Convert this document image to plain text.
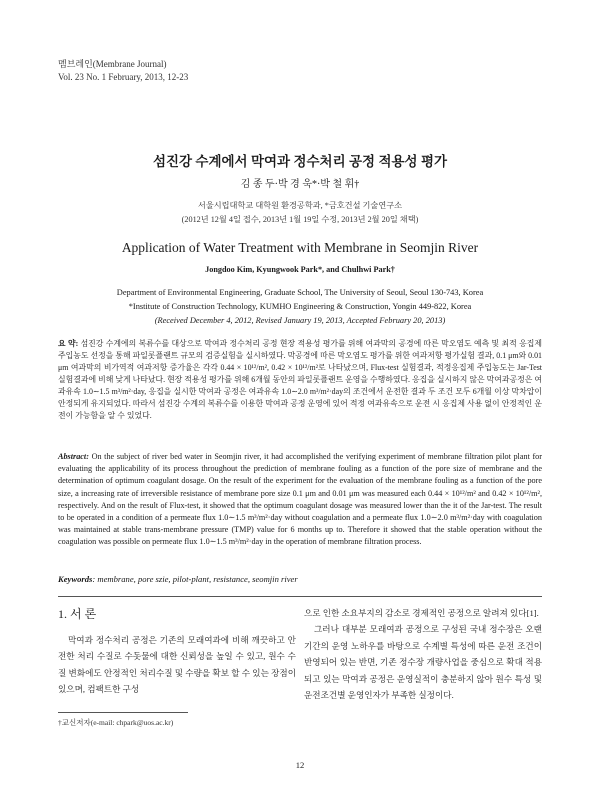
멤브레인(Membrane Journal)
Vol. 23 No. 1 February, 2013, 12-23
섬진강 수계에서 막여과 정수처리 공정 적용성 평가
김 종 두·박 경 욱*·박 철 휘†
서울시립대학교 대학원 환경공학과, *금호건설 기술연구소
(2012년 12월 4일 접수, 2013년 1월 19일 수정, 2013년 2월 20일 채택)
Application of Water Treatment with Membrane in Seomjin River
Jongdoo Kim, Kyungwook Park*, and Chulhwi Park†
Department of Environmental Engineering, Graduate School, The University of Seoul, Seoul 130-743, Korea
*Institute of Construction Technology, KUMHO Engineering & Construction, Yongin 449-822, Korea
(Received December 4, 2012, Revised January 19, 2013, Accepted February 20, 2013)
요 약: 섬진강 수계에의 복류수를 대상으로 막여과 정수처리 공정 현장 적용성 평가를 위해 여과막의 공경에 따른 막오염도 예측 및 최적 응집제 주입농도 선정을 통해 파일롯플랜트 규모의 검증실험을 실시하였다. 막공경에 따른 막오염도 평가를 위한 여과저항 평가실험 결과, 0.1 μm와 0.01 μm 여과막의 비가역적 여과저항 증가율은 각각 0.44 × 10¹²/m², 0.42 × 10¹²/m²로 나타났으며, Flux-test 실험결과, 적정응집제 주입농도는 Jar-Test 실험결과에 비해 낮게 나타났다. 현장 적용성 평가를 위해 6개월 동안의 파일롯플랜트 운영을 수행하였다. 응집을 실시하지 않은 막여과공정은 여과유속 1.0∼1.5 m³/m²·day, 응집을 실시한 막여과 공정은 여과유속 1.0∼2.0 m³/m²·day의 조건에서 운전한 결과 두 조건 모두 6개월 이상 막차압이 안정되게 유지되었다. 따라서 섬진강 수계의 복류수를 이용한 막여과 공정 운영에 있어 적정 여과유속으로 운전 시 응집제 사용 없이 안정적인 운전이 가능함을 알 수 있었다.
Abstract: On the subject of river bed water in Seomjin river, it had accomplished the verifying experiment of membrane filtration pilot plant for evaluating the applicability of its process throughout the prediction of membrane fouling as a function of the pore size of membrane and the determination of optimum coagulant dosage. On the result of the experiment for the evaluation of the membrane fouling as a function of the pore size, a increasing rate of irreversible resistance of membrane pore size 0.1 μm and 0.01 μm was measured each 0.44 × 10¹²/m² and 0.42 × 10¹²/m², respectively. And on the result of Flux-test, it showed that the optimum coagulant dosage was measured lower than the it of the Jar-test. The result to be operated in a condition of a permeate flux 1.0∼1.5 m³/m²·day without coagulation and a permeate flux 1.0∼2.0 m³/m²·day with coagulation was maintained at stable trans-membrane pressure (TMP) value for 6 months up to. Therefore it showed that the stable operation without the coagulation was possible on permeate flux 1.0∼1.5 m³/m²·day in the operation of membrane filtration process.
Keywords: membrane, pore szie, pilot-plant, resistance, seomjin river
1. 서 론

막여과 정수처리 공정은 기존의 모래여과에 비해 깨끗하고 안전한 처리 수질로 수돗물에 대한 신뢰성을 높일 수 있고, 원수 수질 변화에도 안정적인 처리수질 및 수량을 확보 할 수 있는 장점이 있으며, 컴팩트한 구성

으로 인한 소요부지의 감소로 경제적인 공정으로 알려져 있다[1].

그러나 대부분 모래여과 공정으로 구성된 국내 정수장은 오랜 기간의 운영 노하우를 바탕으로 수계별 특성에 따른 운전 조건이 반영되어 있는 반면, 기존 정수장 개량사업을 중심으로 확대 적용되고 있는 막여과 공정은 운영실적이 충분하지 않아 원수 특성 및 운전조건별 운영인자가 부족한 실정이다.

†교신저자(e-mail: chpark@uos.ac.kr)
12
